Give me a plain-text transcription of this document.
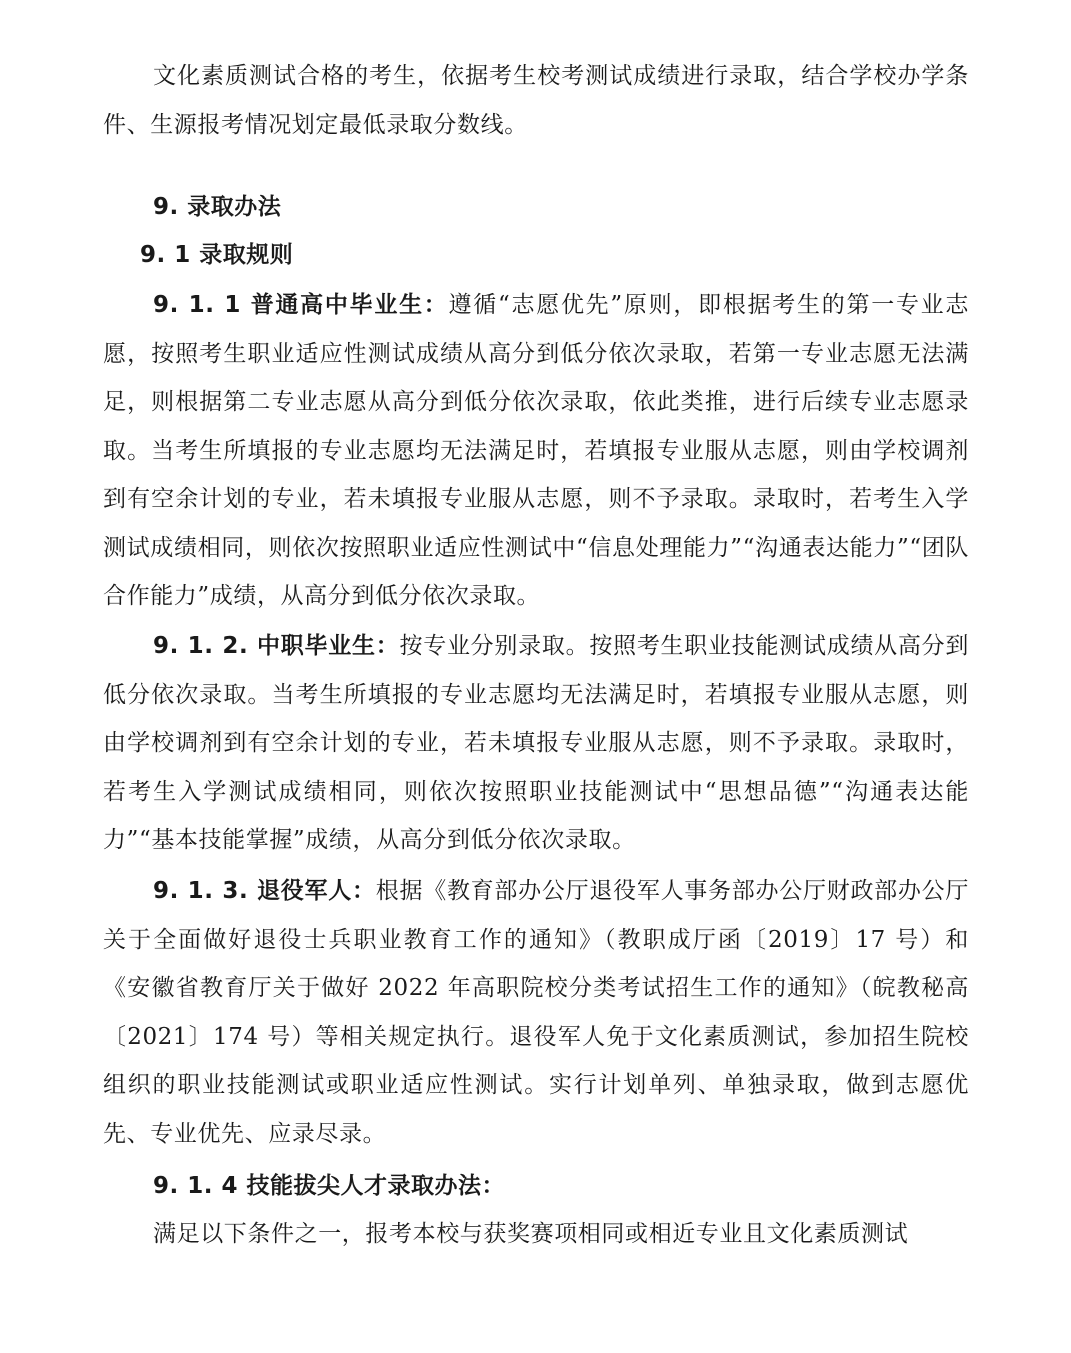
文化素质测试合格的考生，依据考生校考测试成绩进行录取，结合学校办学条件、生源报考情况划定最低录取分数线。

9. 录取办法

9. 1 录取规则

9. 1. 1 普通高中毕业生：遵循“志愿优先”原则，即根据考生的第一专业志愿，按照考生职业适应性测试成绩从高分到低分依次录取，若第一专业志愿无法满足，则根据第二专业志愿从高分到低分依次录取，依此类推，进行后续专业志愿录取。当考生所填报的专业志愿均无法满足时，若填报专业服从志愿，则由学校调剂到有空余计划的专业，若未填报专业服从志愿，则不予录取。录取时，若考生入学测试成绩相同，则依次按照职业适应性测试中“信息处理能力”“沟通表达能力”“团队合作能力”成绩，从高分到低分依次录取。

9. 1. 2. 中职毕业生：按专业分别录取。按照考生职业技能测试成绩从高分到低分依次录取。当考生所填报的专业志愿均无法满足时，若填报专业服从志愿，则由学校调剂到有空余计划的专业，若未填报专业服从志愿，则不予录取。录取时，若考生入学测试成绩相同，则依次按照职业技能测试中“思想品德”“沟通表达能力”“基本技能掌握”成绩，从高分到低分依次录取。

9. 1. 3. 退役军人：根据《教育部办公厅退役军人事务部办公厅财政部办公厅关于全面做好退役士兵职业教育工作的通知》（教职成厅函〔2019〕17 号）和《安徽省教育厅关于做好 2022 年高职院校分类考试招生工作的通知》（皖教秘高〔2021〕174 号）等相关规定执行。退役军人免于文化素质测试，参加招生院校组织的职业技能测试或职业适应性测试。实行计划单列、单独录取，做到志愿优先、专业优先、应录尽录。

9. 1. 4 技能拔尖人才录取办法：

满足以下条件之一，报考本校与获奖赛项相同或相近专业且文化素质测试
